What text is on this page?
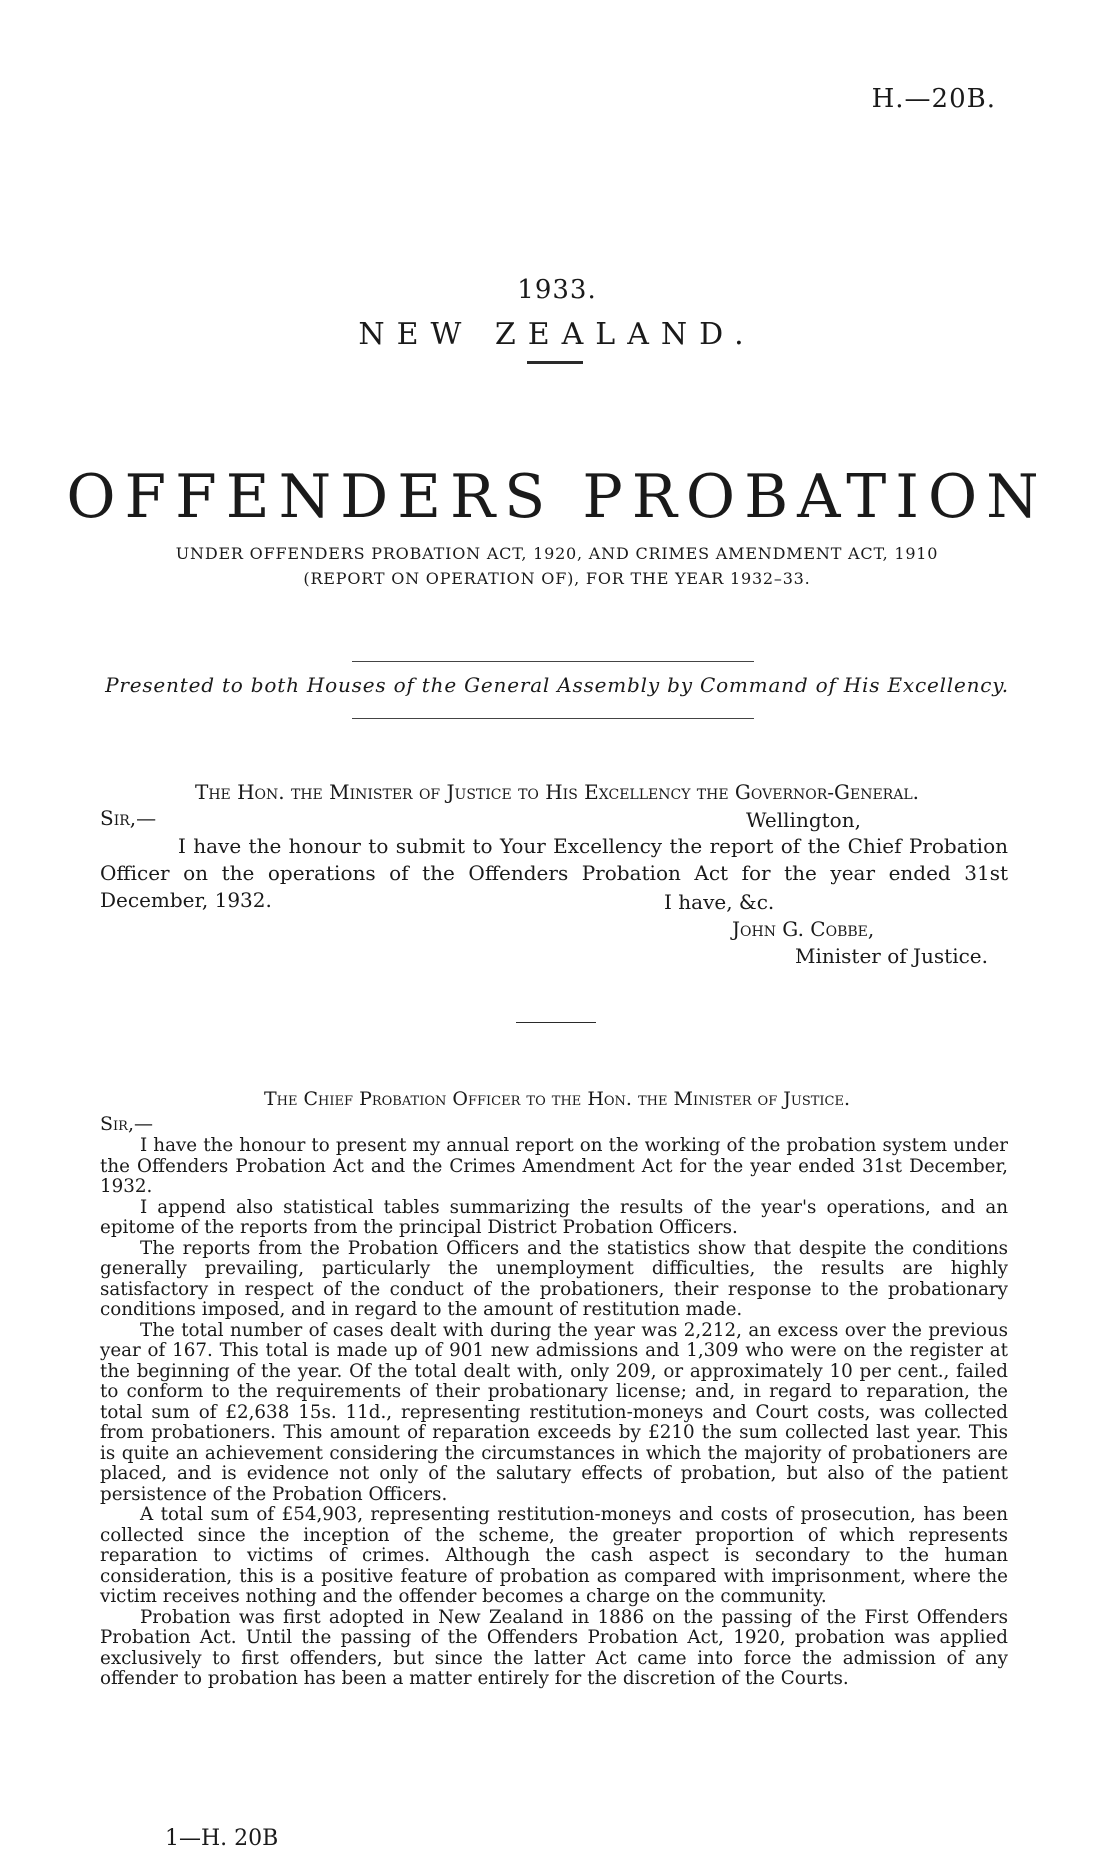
H.—20B.
1933.
NEW ZEALAND.
OFFENDERS PROBATION
UNDER OFFENDERS PROBATION ACT, 1920, AND CRIMES AMENDMENT ACT, 1910
(REPORT ON OPERATION OF), FOR THE YEAR 1932–33.
Presented to both Houses of the General Assembly by Command of His Excellency.
The Hon. the Minister of Justice to His Excellency the Governor-General.
Sir,—	Wellington,
I have the honour to submit to Your Excellency the report of the Chief Probation Officer on the operations of the Offenders Probation Act for the year ended 31st December, 1932.	I have, &c.
John G. Cobbe,
Minister of Justice.
The Chief Probation Officer to the Hon. the Minister of Justice.
Sir,—

I have the honour to present my annual report on the working of the probation system under the Offenders Probation Act and the Crimes Amendment Act for the year ended 31st December, 1932.

I append also statistical tables summarizing the results of the year's operations, and an epitome of the reports from the principal District Probation Officers.

The reports from the Probation Officers and the statistics show that despite the conditions generally prevailing, particularly the unemployment difficulties, the results are highly satisfactory in respect of the conduct of the probationers, their response to the probationary conditions imposed, and in regard to the amount of restitution made.

The total number of cases dealt with during the year was 2,212, an excess over the previous year of 167. This total is made up of 901 new admissions and 1,309 who were on the register at the beginning of the year. Of the total dealt with, only 209, or approximately 10 per cent., failed to conform to the requirements of their probationary license; and, in regard to reparation, the total sum of £2,638 15s. 11d., representing restitution-moneys and Court costs, was collected from probationers. This amount of reparation exceeds by £210 the sum collected last year. This is quite an achievement considering the circumstances in which the majority of probationers are placed, and is evidence not only of the salutary effects of probation, but also of the patient persistence of the Probation Officers.

A total sum of £54,903, representing restitution-moneys and costs of prosecution, has been collected since the inception of the scheme, the greater proportion of which represents reparation to victims of crimes. Although the cash aspect is secondary to the human consideration, this is a positive feature of probation as compared with imprisonment, where the victim receives nothing and the offender becomes a charge on the community.

Probation was first adopted in New Zealand in 1886 on the passing of the First Offenders Probation Act. Until the passing of the Offenders Probation Act, 1920, probation was applied exclusively to first offenders, but since the latter Act came into force the admission of any offender to probation has been a matter entirely for the discretion of the Courts.

1—H. 20B
